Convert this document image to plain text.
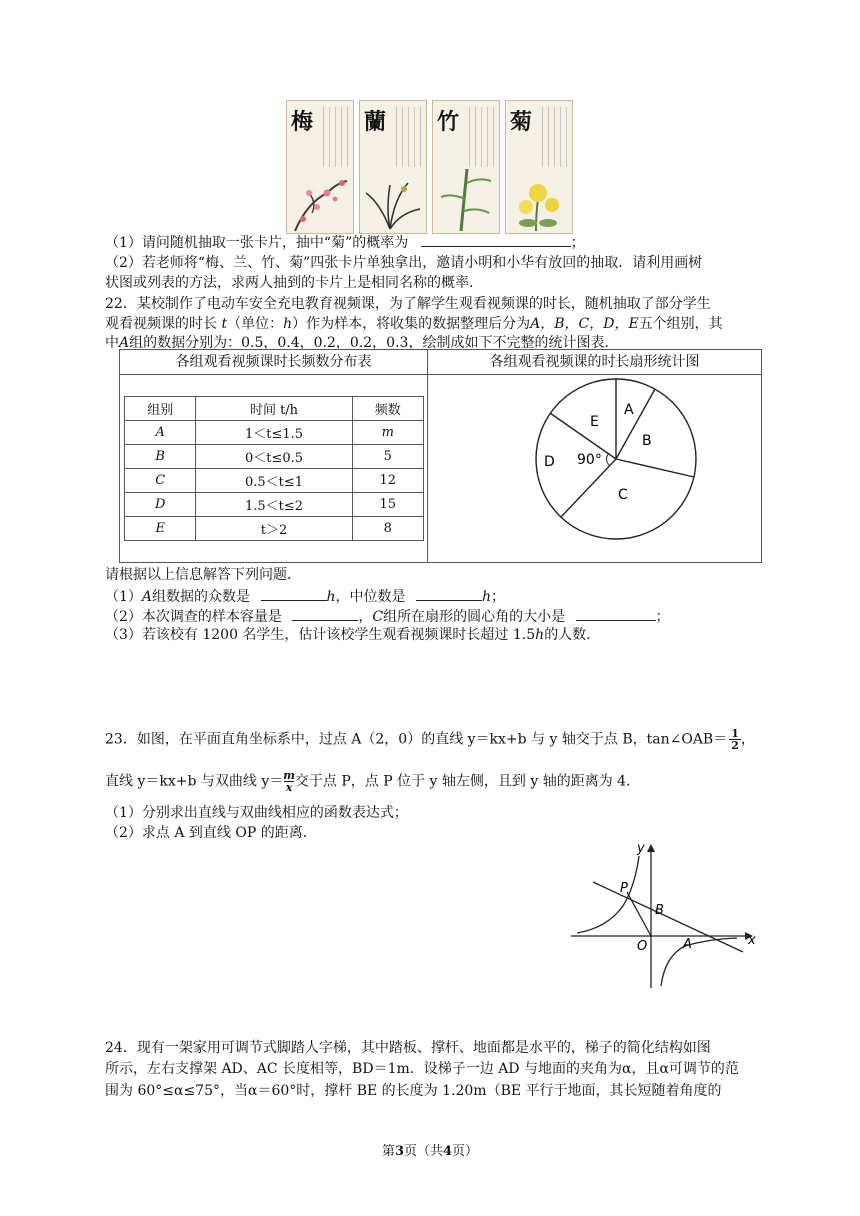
梅 蘭 竹 菊
（1）请问随机抽取一张卡片，抽中“菊”的概率为	；
（2）若老师将“梅、兰、竹、菊”四张卡片单独拿出，邀请小明和小华有放回的抽取．请利用画树
状图或列表的方法，求两人抽到的卡片上是相同名称的概率．
22．某校制作了电动车安全充电教育视频课，为了解学生观看视频课的时长，随机抽取了部分学生
观看视频课的时长 t（单位：h）作为样本，将收集的数据整理后分为A，B，C，D，E五个组别，其
中A组的数据分别为：0.5，0.4，0.2，0.2，0.3，绘制成如下不完整的统计图表．
各组观看视频课时长频数分布表
组别	时间 t/h	频数
A	1＜t≤1.5	m
B	0＜t≤0.5	5
C	0.5＜t≤1	12
D	1.5＜t≤2	15
E	t＞2	8
各组观看视频课的时长扇形统计图
A
B
C
D
E
90°
请根据以上信息解答下列问题．
（1）A组数据的众数是	h，中位数是	h；
（2）本次调查的样本容量是	，C组所在扇形的圆心角的大小是	；
（3）若该校有 1200 名学生，估计该校学生观看视频课时长超过 1.5h的人数．
23．如图，在平面直角坐标系中，过点 A（2，0）的直线 y＝kx+b 与 y 轴交于点 B，tan∠OAB＝ $\frac{1}{2}$ ，
直线 y＝kx+b 与双曲线 $y= \frac{m}{x}$ 交于点 P，点 P 位于 y 轴左侧，且到 y 轴的距离为 4．
（1）分别求出直线与双曲线相应的函数表达式；
（2）求点 A 到直线 OP 的距离．
x
y
P
B
O	A
24．现有一架家用可调节式脚踏人字梯，其中踏板、撑杆、地面都是水平的，梯子的简化结构如图
所示，左右支撑架 AD、AC 长度相等，BD＝1m．设梯子一边 AD 与地面的夹角为α，且α可调节的范
围为 60°≤α≤75°，当α＝60°时，撑杆 BE 的长度为 1.20m（BE 平行于地面，其长短随着角度的
第3页（共4页）
